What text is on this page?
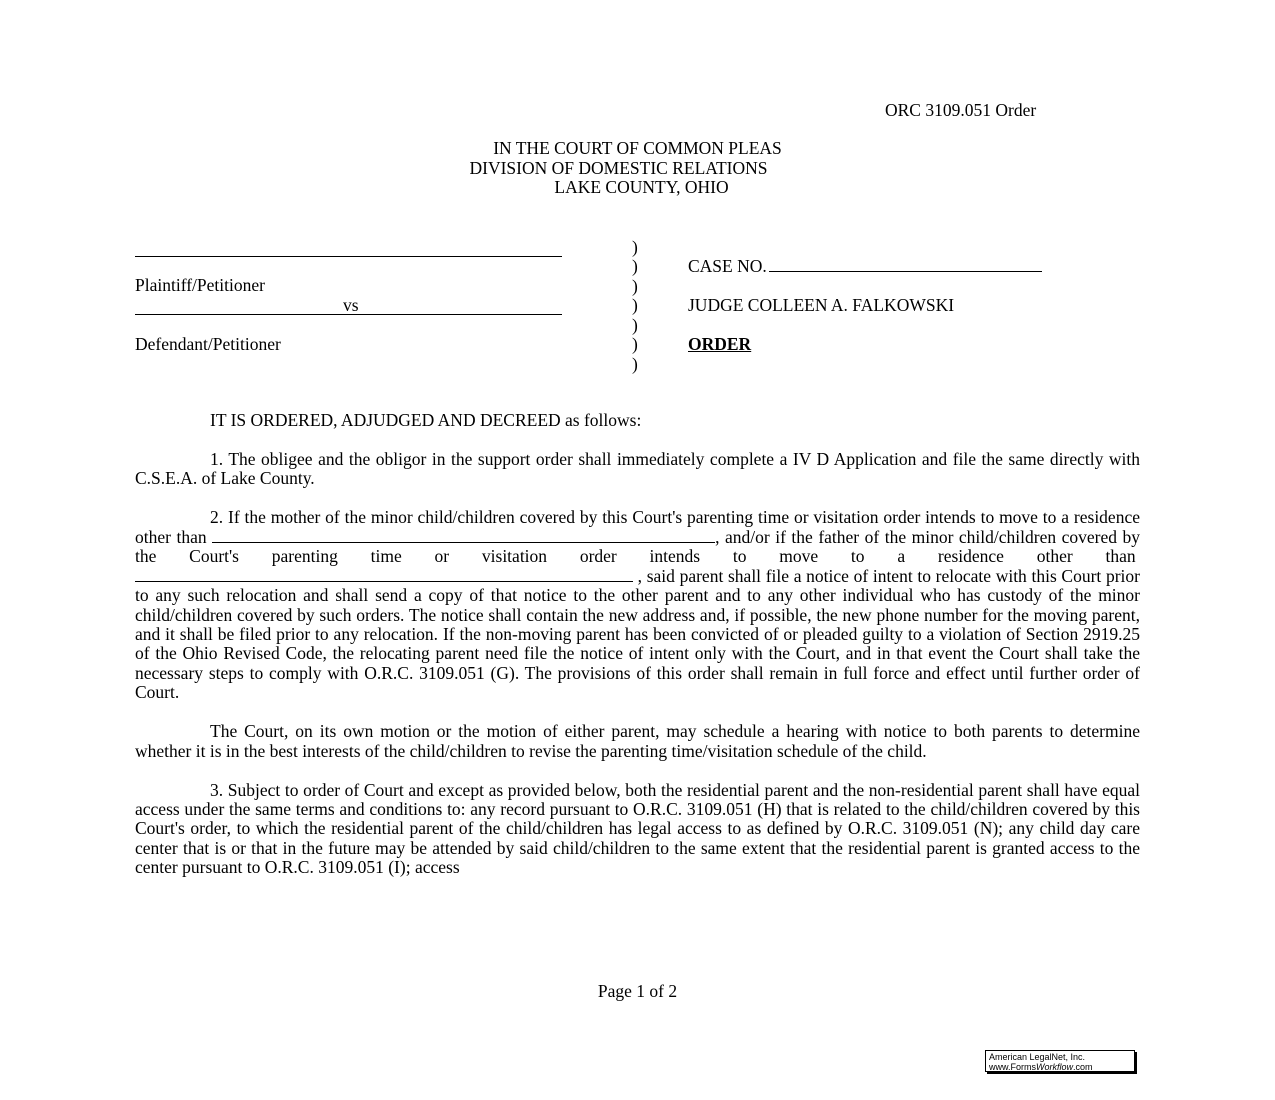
ORC 3109.051 Order
IN THE COURT OF COMMON PLEAS
DIVISION OF DOMESTIC RELATIONS
LAKE COUNTY, OHIO
Plaintiff/Petitioner
vs
Defendant/Petitioner
)
)
)
)
)
)
)
CASE NO.
JUDGE COLLEEN A. FALKOWSKI
ORDER

IT IS ORDERED, ADJUDGED AND DECREED as follows:

1. The obligee and the obligor in the support order shall immediately complete a IV D Application and file the same directly with C.S.E.A. of Lake County.

2. If the mother of the minor child/children covered by this Court's parenting time or visitation order intends to move to a residence other than	, and/or if the father of the minor child/children covered by the Court's parenting time or visitation order intends to move to a residence other than  , said parent shall file a notice of intent to relocate with this Court prior to any such relocation and shall send a copy of that notice to the other parent and to any other individual who has custody of the minor child/children covered by such orders. The notice shall contain the new address and, if possible, the new phone number for the moving parent, and it shall be filed prior to any relocation. If the non-moving parent has been convicted of or pleaded guilty to a violation of Section 2919.25 of the Ohio Revised Code, the relocating parent need file the notice of intent only with the Court, and in that event the Court shall take the necessary steps to comply with O.R.C. 3109.051 (G). The provisions of this order shall remain in full force and effect until further order of Court.

The Court, on its own motion or the motion of either parent, may schedule a hearing with notice to both parents to determine whether it is in the best interests of the child/children to revise the parenting time/visitation schedule of the child.

3. Subject to order of Court and except as provided below, both the residential parent and the non-residential parent shall have equal access under the same terms and conditions to: any record pursuant to O.R.C. 3109.051 (H) that is related to the child/children covered by this Court's order, to which the residential parent of the child/children has legal access to as defined by O.R.C. 3109.051 (N); any child day care center that is or that in the future may be attended by said child/children to the same extent that the residential parent is granted access to the center pursuant to O.R.C. 3109.051 (I); access

Page 1 of 2
American LegalNet, Inc.
www.FormsWorkflow.com
